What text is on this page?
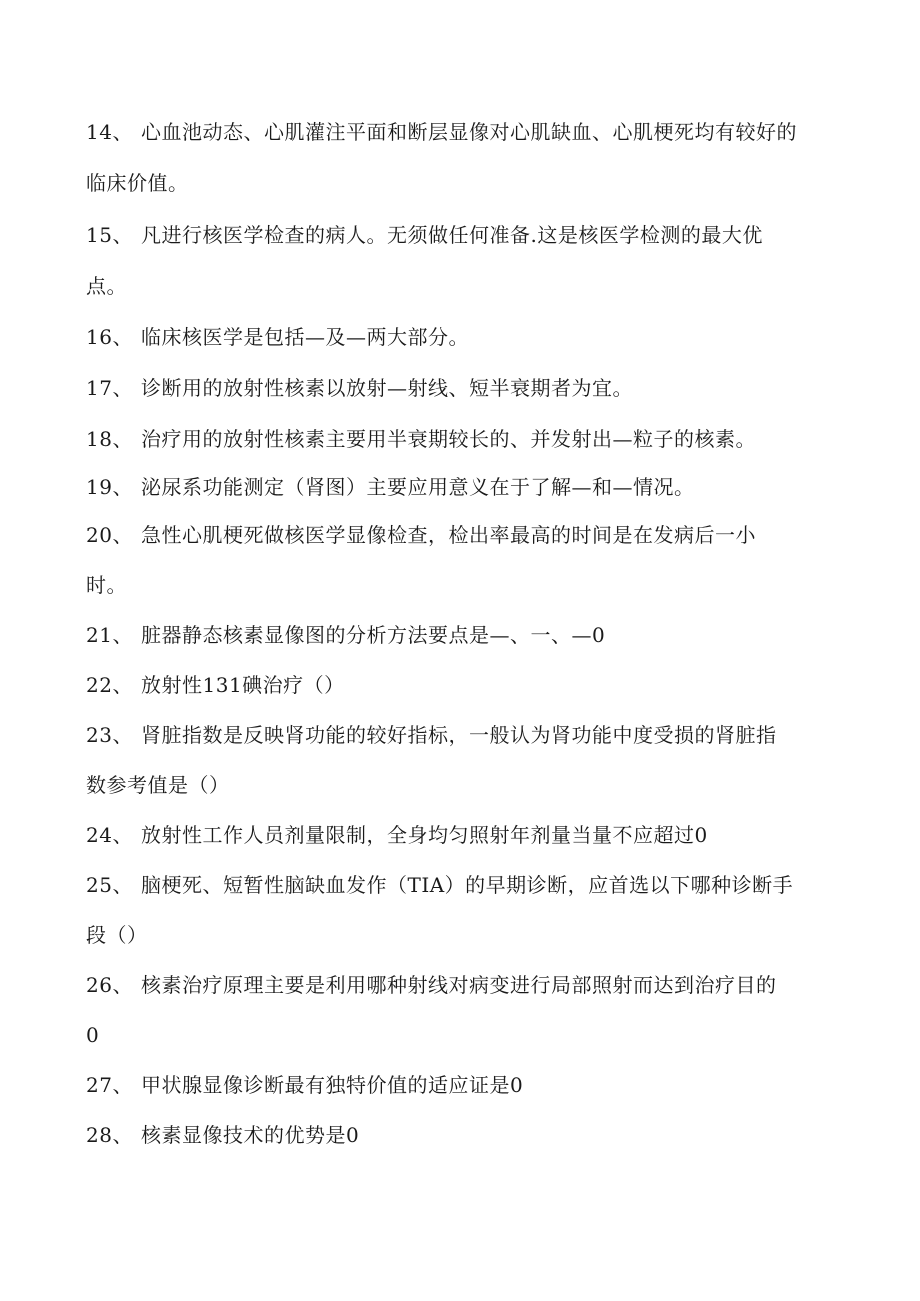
14、 心血池动态、心肌灌注平面和断层显像对心肌缺血、心肌梗死均有较好的
临床价值。
15、 凡进行核医学检查的病人。无须做任何准备.这是核医学检测的最大优
点。
16、 临床核医学是包括—及—两大部分。
17、 诊断用的放射性核素以放射—射线、短半衰期者为宜。
18、 治疗用的放射性核素主要用半衰期较长的、并发射出—粒子的核素。
19、 泌尿系功能测定（肾图）主要应用意义在于了解—和—情况。
20、 急性心肌梗死做核医学显像检查，检出率最高的时间是在发病后一小
时。
21、 脏器静态核素显像图的分析方法要点是—、一、—0
22、 放射性131碘治疗（）
23、 肾脏指数是反映肾功能的较好指标，一般认为肾功能中度受损的肾脏指
数参考值是（）
24、 放射性工作人员剂量限制，全身均匀照射年剂量当量不应超过0
25、 脑梗死、短暂性脑缺血发作（TIA）的早期诊断，应首选以下哪种诊断手
段（）
26、 核素治疗原理主要是利用哪种射线对病变进行局部照射而达到治疗目的
0
27、 甲状腺显像诊断最有独特价值的适应证是0
28、 核素显像技术的优势是0
